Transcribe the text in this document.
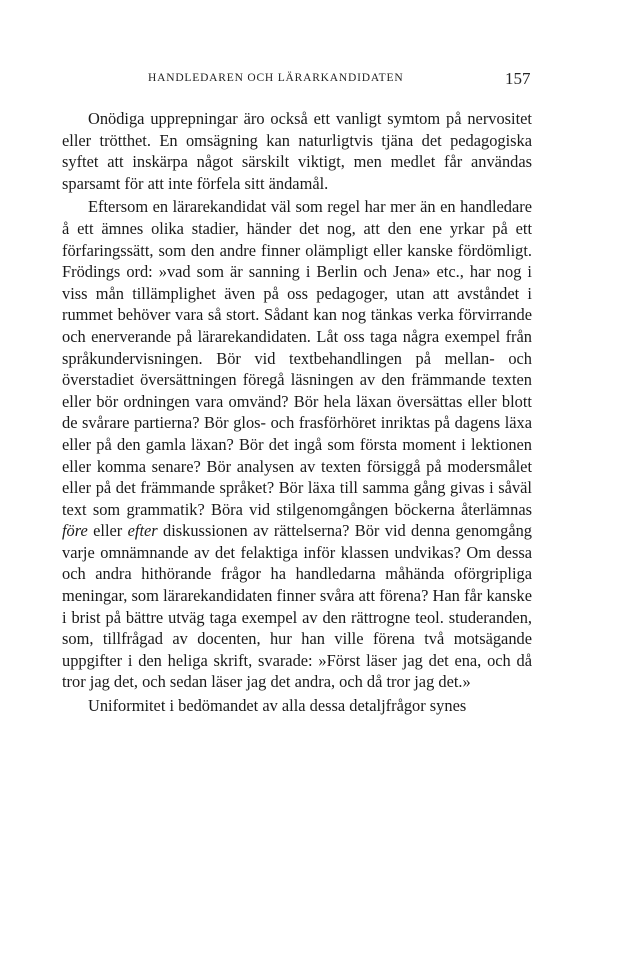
HANDLEDAREN OCH LÄRARKANDIDATEN	157

Onödiga upprepningar äro också ett vanligt symtom på nervositet eller trötthet. En omsägning kan naturligtvis tjäna det pedagogiska syftet att inskärpa något särskilt viktigt, men medlet får användas sparsamt för att inte förfela sitt ändamål.

Eftersom en lärarekandidat väl som regel har mer än en handledare å ett ämnes olika stadier, händer det nog, att den ene yrkar på ett förfaringssätt, som den andre finner olämpligt eller kanske fördömligt. Frödings ord: »vad som är sanning i Berlin och Jena» etc., har nog i viss mån tillämplighet även på oss pedagoger, utan att avståndet i rummet behöver vara så stort. Sådant kan nog tänkas verka förvirrande och enerverande på lärarekandidaten. Låt oss taga några exempel från språkundervisningen. Bör vid textbehandlingen på mellan- och överstadiet översättningen föregå läsningen av den främmande texten eller bör ordningen vara omvänd? Bör hela läxan översättas eller blott de svårare partierna? Bör glos- och frasförhöret inriktas på dagens läxa eller på den gamla läxan? Bör det ingå som första moment i lektionen eller komma senare? Bör analysen av texten försiggå på modersmålet eller på det främmande språket? Bör läxa till samma gång givas i såväl text som grammatik? Böra vid stilgenomgången böckerna återlämnas före eller efter diskussionen av rättelserna? Bör vid denna genomgång varje omnämnande av det felaktiga inför klassen undvikas? Om dessa och andra hithörande frågor ha handledarna måhända oförgripliga meningar, som lärarekandidaten finner svåra att förena? Han får kanske i brist på bättre utväg taga exempel av den rättrogne teol. studeranden, som, tillfrågad av docenten, hur han ville förena två motsägande uppgifter i den heliga skrift, svarade: »Först läser jag det ena, och då tror jag det, och sedan läser jag det andra, och då tror jag det.»

Uniformitet i bedömandet av alla dessa detaljfrågor synes
